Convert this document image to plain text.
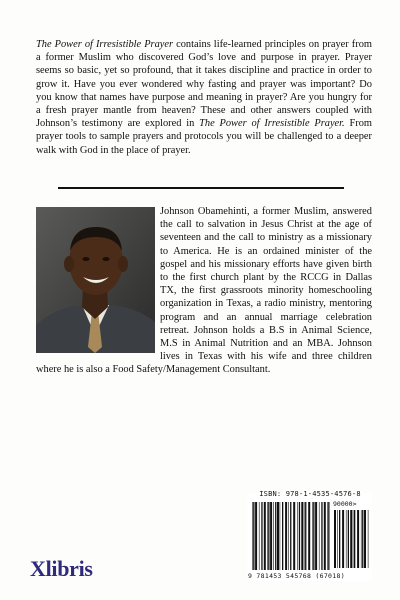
The Power of Irresistible Prayer contains life-learned principles on prayer from a former Muslim who discovered God’s love and purpose in prayer. Prayer seems so basic, yet so profound, that it takes discipline and practice in order to grow it. Have you ever wondered why fasting and prayer was important? Do you know that names have purpose and meaning in prayer? Are you hungry for a fresh prayer mantle from heaven? These and other answers coupled with Johnson’s testimony are explored in The Power of Irresistible Prayer. From prayer tools to sample prayers and protocols you will be challenged to a deeper walk with God in the place of prayer.

Johnson Obamehinti, a former Muslim, answered the call to salvation in Jesus Christ at the age of seventeen and the call to ministry as a missionary to America. He is an ordained minister of the gospel and his missionary efforts have given birth to the first church plant by the RCCG in Dallas TX, the first grassroots minority homeschooling organization in Texas, a radio ministry, mentoring program and an annual marriage celebration retreat. Johnson holds a B.S in Animal Science, M.S in Animal Nutrition and an MBA. Johnson lives in Texas with his wife and three children where he is also a Food Safety/Management Consultant.

ISBN: 978-1-4535-4576-8
90000>
9 781453 545768 (67018)
Xlibris
